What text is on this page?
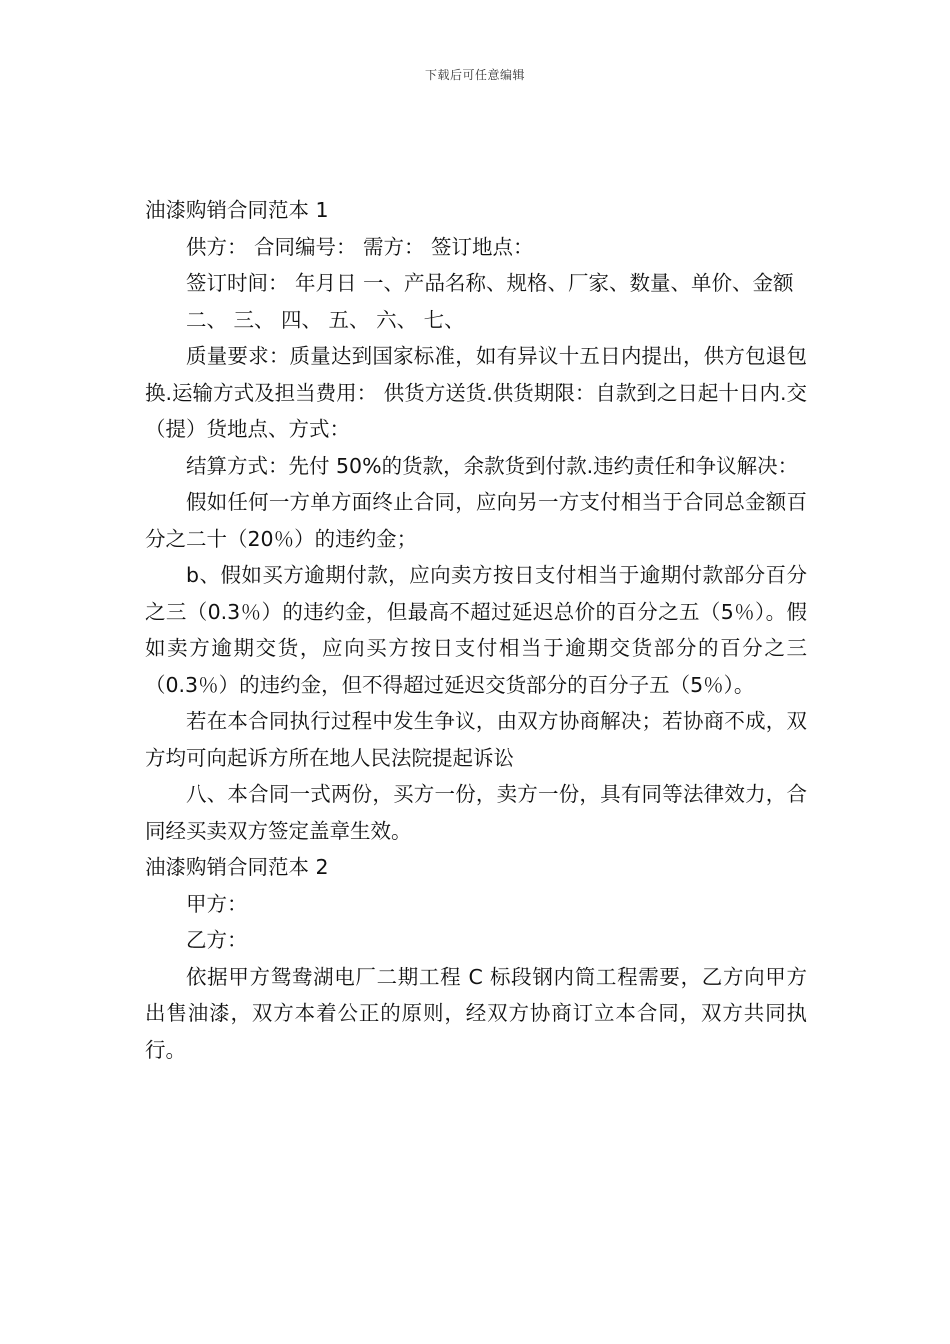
下载后可任意编辑

油漆购销合同范本 1

供方： 合同编号： 需方： 签订地点：

签订时间： 年月日 一、产品名称、规格、厂家、数量、单价、金额

二、 三、 四、 五、 六、 七、

质量要求：质量达到国家标准，如有异议十五日内提出，供方包退包换.运输方式及担当费用： 供货方送货.供货期限：自款到之日起十日内.交（提）货地点、方式：

结算方式：先付 50%的货款，余款货到付款.违约责任和争议解决：

假如任何一方单方面终止合同，应向另一方支付相当于合同总金额百分之二十（20％）的违约金；

b、假如买方逾期付款，应向卖方按日支付相当于逾期付款部分百分之三（0.3％）的违约金，但最高不超过延迟总价的百分之五（5％）。假如卖方逾期交货，应向买方按日支付相当于逾期交货部分的百分之三（0.3％）的违约金，但不得超过延迟交货部分的百分子五（5％）。

若在本合同执行过程中发生争议，由双方协商解决；若协商不成，双方均可向起诉方所在地人民法院提起诉讼

八、本合同一式两份，买方一份，卖方一份，具有同等法律效力，合同经买卖双方签定盖章生效。

油漆购销合同范本 2

甲方：

乙方：

依据甲方鸳鸯湖电厂二期工程 C 标段钢内筒工程需要，乙方向甲方出售油漆，双方本着公正的原则，经双方协商订立本合同，双方共同执行。
